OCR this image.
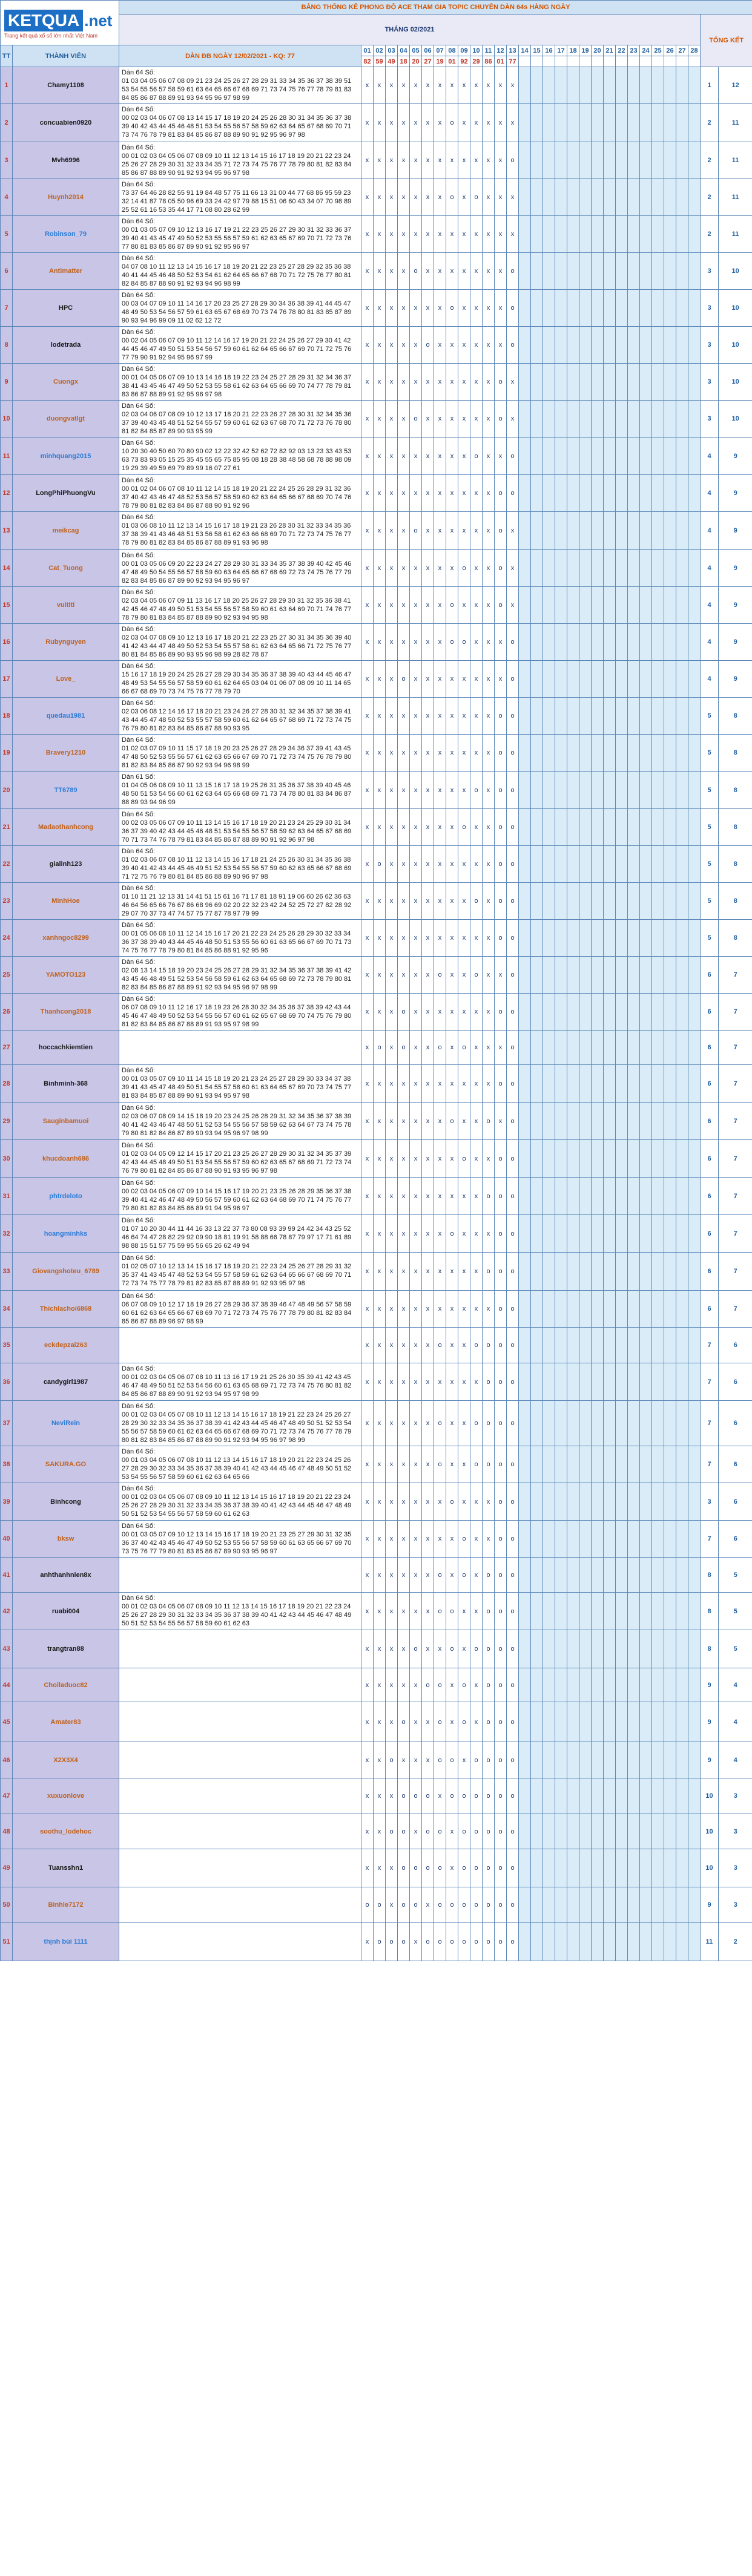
KETQUA .net
Trang kết quả xổ số lớn nhất Việt Nam		BẢNG THỐNG KÊ PHONG ĐỘ ACE THAM GIA TOPIC CHUYÊN DÀN 64s HÀNG NGÀY																														
		THÁNG 02/2021																													TỔNG KẾT	
TT	THÀNH VIÊN	DÀN ĐB NGÀY 12/02/2021 - KQ: 77	01	02	03	04	05	06	07	08	09	10	11	12	13	14	15	16	17	18	19	20	21	22	23	24	25	26	27	28		
			82	59	49	18	20	27	19	01	92	29	86	01	77																	
1	Chamy1108	Dàn 64 Số:
01 03 04 05 06 07 08 09 21 23 24 25 26 27 28 29 31 33 34 35 36 37 38 39 51 53 54 55 56 57 58 59 61 63 64 65 66 67 68 69 71 73 74 75 76 77 78 79 81 83 84 85 86 87 88 89 91 93 94 95 96 97 98 99	x	x	x	x	x	x	x	x	x	x	x	x	x																1	12
2	concuabien0920	Dàn 64 Số:
00 02 03 04 06 07 08 13 14 15 17 18 19 20 24 25 26 28 30 31 34 35 36 37 38 39 40 42 43 44 45 46 48 51 53 54 55 56 57 58 59 62 63 64 65 67 68 69 70 71 73 74 76 78 79 81 83 84 85 86 87 88 89 90 91 92 95 96 97 98	x	x	x	x	x	x	x	o	x	x	x	x	x																2	11
3	Mvh6996	Dàn 64 Số:
00 01 02 03 04 05 06 07 08 09 10 11 12 13 14 15 16 17 18 19 20 21 22 23 24 25 26 27 28 29 30 31 32 33 34 35 71 72 73 74 75 76 77 78 79 80 81 82 83 84 85 86 87 88 89 90 91 92 93 94 95 96 97 98	x	x	x	x	x	x	x	x	x	x	x	x	o																2	11
4	Huynh2014	Dàn 64 Số:
73 37 64 46 28 82 55 91 19 84 48 57 75 11 66 13 31 00 44 77 68 86 95 59 23 32 14 41 87 78 05 50 96 69 33 24 42 97 79 88 15 51 06 60 43 34 07 70 98 89 25 52 61 16 53 35 44 17 71 08 80 28 62 99	x	x	x	x	x	x	x	o	x	o	x	x	x																2	11
5	Robinson_79	Dàn 64 Số:
00 01 03 05 07 09 10 12 13 16 17 19 21 22 23 25 26 27 29 30 31 32 33 36 37 39 40 41 43 45 47 49 50 52 53 55 56 57 59 61 62 63 65 67 69 70 71 72 73 76 77 80 81 83 85 86 87 89 90 91 92 95 96 97	x	x	x	x	x	x	x	x	x	x	x	x	x																2	11
6	Antimatter	Dàn 64 Số:
04 07 08 10 11 12 13 14 15 16 17 18 19 20 21 22 23 25 27 28 29 32 35 36 38 40 41 44 45 46 48 50 52 53 54 61 62 64 65 66 67 68 70 71 72 75 76 77 80 81 82 84 85 87 88 90 91 92 93 94 96 98 99	x	x	x	x	o	x	x	x	x	x	x	x	o																3	10
7	HPC	Dàn 64 Số:
00 03 04 07 09 10 11 14 16 17 20 23 25 27 28 29 30 34 36 38 39 41 44 45 47 48 49 50 53 54 56 57 59 61 63 65 67 68 69 70 73 74 76 78 80 81 83 85 87 89 90 93 94 96 99 09 11 02 62 12 72	x	x	x	x	x	x	x	o	x	x	x	x	o																3	10
8	lodetrada	Dàn 64 Số:
00 02 04 05 06 07 09 10 11 12 14 16 17 19 20 21 22 24 25 26 27 29 30 41 42 44 45 46 47 49 50 51 53 54 56 57 59 60 61 62 64 65 66 67 69 70 71 72 75 76 77 79 90 91 92 94 95 96 97 99	x	x	x	x	x	o	x	x	x	x	x	x	o																3	10
9	Cuongx	Dàn 64 Số:
00 01 04 05 06 07 09 10 13 14 16 18 19 22 23 24 25 27 28 29 31 32 34 36 37 38 41 43 45 46 47 49 50 52 53 55 58 61 62 63 64 65 66 69 70 74 77 78 79 81 83 86 87 88 89 91 92 95 96 97 98	x	x	x	x	x	x	x	x	x	x	x	o	x																3	10
10	duongvatlgt	Dàn 64 Số:
02 03 04 06 07 08 09 10 12 13 17 18 20 21 22 23 26 27 28 30 31 32 34 35 36 37 39 40 43 45 48 51 52 54 55 57 59 60 61 62 63 67 68 70 71 72 73 76 78 80 81 82 84 85 87 89 90 93 95 99	x	x	x	x	o	x	x	x	x	x	x	o	x																3	10
11	minhquang2015	Dàn 64 Số:
10 20 30 40 50 60 70 80 90 02 12 22 32 42 52 62 72 82 92 03 13 23 33 43 53 63 73 83 93 05 15 25 35 45 55 65 75 85 95 08 18 28 38 48 58 68 78 88 98 09 19 29 39 49 59 69 79 89 99 16 07 27 61	x	x	x	x	x	x	x	x	x	o	x	x	o																4	9
12	LongPhiPhuongVu	Dàn 64 Số:
00 01 02 04 06 07 08 10 11 12 14 15 18 19 20 21 22 24 25 26 28 29 31 32 36 37 40 42 43 46 47 48 52 53 56 57 58 59 60 62 63 64 65 66 67 68 69 70 74 76 78 79 80 81 82 83 84 86 87 88 90 91 92 96	x	x	x	x	x	x	x	x	x	x	x	o	o																4	9
13	meikcag	Dàn 64 Số:
01 03 06 08 10 11 12 13 14 15 16 17 18 19 21 23 26 28 30 31 32 33 34 35 36 37 38 39 41 43 46 48 51 53 56 58 61 62 63 66 68 69 70 71 72 73 74 75 76 77 78 79 80 81 82 83 84 85 86 87 88 89 91 93 96 98	x	x	x	x	o	x	x	x	x	x	x	o	x																4	9
14	Cat_Tuong	Dàn 64 Số:
00 01 03 05 06 09 20 22 23 24 27 28 29 30 31 33 34 35 37 38 39 40 42 45 46 47 48 49 50 54 55 56 57 58 59 60 63 64 65 66 67 68 69 72 73 74 75 76 77 79 82 83 84 85 86 87 89 90 92 93 94 95 96 97	x	x	x	x	x	x	x	x	o	x	x	o	x																4	9
15	vuititi	Dàn 64 Số:
02 03 04 05 06 07 09 11 13 16 17 18 20 25 26 27 28 29 30 31 32 35 36 38 41 42 45 46 47 48 49 50 51 53 54 55 56 57 58 59 60 61 63 64 69 70 71 74 76 77 78 79 80 81 83 84 85 87 88 89 90 92 93 94 95 98	x	x	x	x	x	x	x	o	x	x	x	o	x																4	9
16	Rubynguyen	Dàn 64 Số:
02 03 04 07 08 09 10 12 13 16 17 18 20 21 22 23 25 27 30 31 34 35 36 39 40 41 42 43 44 47 48 49 50 52 53 54 55 57 58 61 62 63 64 65 66 71 72 75 76 77 80 81 84 85 86 89 90 93 95 96 98 99 28 82 78 87	x	x	x	x	x	x	x	o	o	x	x	x	o																4	9
17	Love_	Dàn 64 Số:
15 16 17 18 19 20 24 25 26 27 28 29 30 34 35 36 37 38 39 40 43 44 45 46 47 48 49 53 54 55 56 57 58 59 60 61 62 64 65 03 04 01 06 07 08 09 10 11 14 65 66 67 68 69 70 73 74 75 76 77 78 79 70	x	x	x	o	x	x	x	x	x	x	x	x	o																4	9
18	quedau1981	Dàn 64 Số:
02 03 06 08 12 14 16 17 18 20 21 23 24 26 27 28 30 31 32 34 35 37 38 39 41 43 44 45 47 48 50 52 53 55 57 58 59 60 61 62 64 65 67 68 69 71 72 73 74 75 76 79 80 81 82 83 84 85 86 87 88 90 93 95	x	x	x	x	x	x	x	x	x	x	x	o	o																5	8
19	Bravery1210	Dàn 64 Số:
01 02 03 07 09 10 11 15 17 18 19 20 23 25 26 27 28 29 34 36 37 39 41 43 45 47 48 50 52 53 55 56 57 61 62 63 65 66 67 69 70 71 72 73 74 75 76 78 79 80 81 82 83 84 85 86 87 90 92 93 94 96 98 99	x	x	x	x	x	x	x	x	x	x	x	o	o																5	8
20	TT6789	Dàn 61 Số:
01 04 05 06 08 09 10 11 13 15 16 17 18 19 25 26 31 35 36 37 38 39 40 45 46 48 50 51 53 54 56 60 61 62 63 64 65 66 68 69 71 73 74 78 80 81 83 84 86 87 88 89 93 94 96 99	x	x	x	x	x	x	x	x	x	o	x	o	o																5	8
21	Madaothanhcong	Dàn 64 Số:
00 02 03 05 06 07 09 10 11 13 14 15 16 17 18 19 20 21 23 24 25 29 30 31 34 36 37 39 40 42 43 44 45 46 48 51 53 54 55 56 57 58 59 62 63 64 65 67 68 69 70 71 73 74 76 78 79 81 83 84 85 86 87 88 89 90 91 92 96 97 98	x	x	x	x	x	x	x	x	o	x	x	o	o																5	8
22	gialinh123	Dàn 64 Số:
01 02 03 06 07 08 10 11 12 13 14 15 16 17 18 21 24 25 26 30 31 34 35 36 38 39 40 41 42 43 44 45 46 49 51 52 53 54 55 56 57 59 60 62 63 65 66 67 68 69 71 72 75 76 79 80 81 84 85 86 88 89 90 96 97 98	x	o	x	x	x	x	x	x	x	x	x	o	o																5	8
23	MinhHoe	Dàn 64 Số:
01 10 11 21 12 13 31 14 41 51 15 61 16 71 17 81 18 91 19 06 60 26 62 36 63 46 64 56 65 66 76 67 86 68 96 69 02 20 22 32 23 42 24 52 25 72 27 82 28 92 29 07 70 37 73 47 74 57 75 77 87 78 97 79 99	x	x	x	x	x	x	x	x	x	o	x	o	o																5	8
24	xanhngoc8299	Dàn 64 Số:
00 01 05 06 08 10 11 12 14 15 16 17 20 21 22 23 24 25 26 28 29 30 32 33 34 36 37 38 39 40 43 44 45 46 48 50 51 53 55 56 60 61 63 65 66 67 69 70 71 73 74 75 76 77 78 79 80 81 84 85 86 88 91 92 95 96	x	x	x	x	x	x	x	x	x	x	x	o	o																5	8
25	YAMOTO123	Dàn 64 Số:
02 08 13 14 15 18 19 20 23 24 25 26 27 28 29 31 32 34 35 36 37 38 39 41 42 43 45 46 48 49 51 52 53 54 56 58 59 61 62 63 64 65 68 69 72 73 78 79 80 81 82 83 84 85 86 87 88 89 91 92 93 94 95 96 97 98 99	x	x	x	x	x	x	o	x	x	o	x	x	o																6	7
26	Thanhcong2018	Dàn 64 Số:
06 07 08 09 10 11 12 16 17 18 19 23 26 28 30 32 34 35 36 37 38 39 42 43 44 45 46 47 48 49 50 52 53 54 55 56 57 60 61 62 65 67 68 69 70 74 75 76 79 80 81 82 83 84 85 86 87 88 89 91 93 95 97 98 99	x	x	x	o	x	x	x	x	x	x	x	o	o																6	7
27	hoccachkiemtien		x	o	x	o	x	x	o	x	o	x	x	x	o																6	7
28	Binhminh-368	Dàn 64 Số:
00 01 03 05 07 09 10 11 14 15 18 19 20 21 23 24 25 27 28 29 30 33 34 37 38 39 41 43 45 47 48 49 50 51 54 55 57 58 60 61 63 64 65 67 69 70 73 74 75 77 81 83 84 85 87 88 89 90 91 93 94 95 97 98	x	x	x	x	x	x	x	x	x	x	x	o	o																6	7
29	Sauginbamuoi	Dàn 64 Số:
02 03 06 07 08 09 14 15 18 19 20 23 24 25 26 28 29 31 32 34 35 36 37 38 39 40 41 42 43 46 47 48 50 51 52 53 54 55 56 57 58 59 62 63 64 67 73 74 75 78 79 80 81 82 84 86 87 89 90 93 94 95 96 97 98 99	x	x	x	x	x	x	x	o	x	x	o	x	o																6	7
30	khucdoanh686	Dàn 64 Số:
01 02 03 04 05 09 12 14 15 17 20 21 23 25 26 27 28 29 30 31 32 34 35 37 39 42 43 44 45 48 49 50 51 53 54 55 56 57 59 60 62 63 65 67 68 69 71 72 73 74 76 79 80 81 82 84 85 86 87 88 90 91 93 95 96 97 98	x	x	x	x	x	x	x	x	o	x	x	o	o																6	7
31	phtrdeloto	Dàn 64 Số:
00 02 03 04 05 06 07 09 10 14 15 16 17 19 20 21 23 25 26 28 29 35 36 37 38 39 40 41 42 46 47 48 49 50 56 57 59 60 61 62 63 64 68 69 70 71 74 75 76 77 79 80 81 82 83 84 85 86 89 91 94 95 96 97	x	x	x	x	x	x	x	x	x	x	o	o	o																6	7
32	hoangminhks	Dàn 64 Số:
01 07 10 20 30 44 11 44 16 33 13 22 37 73 80 08 93 39 99 24 42 34 43 25 52 46 64 74 47 28 82 29 92 09 90 18 81 19 91 58 88 66 78 87 79 97 17 71 61 89 98 88 15 51 57 75 59 95 56 65 26 62 49 94	x	x	x	x	x	x	x	o	x	x	x	o	o																6	7
33	Giovangshoteu_6789	Dàn 64 Số:
01 02 05 07 10 12 13 14 15 16 17 18 19 20 21 22 23 24 25 26 27 28 29 31 32 35 37 41 43 45 47 48 52 53 54 55 57 58 59 61 62 63 64 65 66 67 68 69 70 71 72 73 74 75 77 78 79 81 82 83 85 87 88 89 91 92 93 95 97 98	x	x	x	x	x	x	x	x	x	x	o	o	o																6	7
34	Thichlachoi6868	Dàn 64 Số:
06 07 08 09 10 12 17 18 19 26 27 28 29 36 37 38 39 46 47 48 49 56 57 58 59 60 61 62 63 64 65 66 67 68 69 70 71 72 73 74 75 76 77 78 79 80 81 82 83 84 85 86 87 88 89 96 97 98 99	x	x	x	x	x	x	x	x	x	x	x	o	o																6	7
35	eckdepzai263		x	x	x	x	x	x	o	x	x	o	o	o	o																7	6
36	candygirl1987	Dàn 64 Số:
00 01 02 03 04 05 06 07 08 10 11 13 16 17 19 21 25 26 30 35 39 41 42 43 45 46 47 48 49 50 51 52 53 54 56 60 61 63 65 68 69 71 72 73 74 75 76 80 81 82 84 85 86 87 88 89 90 91 92 93 94 95 97 98 99	x	x	x	x	x	x	x	x	x	x	o	o	o																7	6
37	NeviRein	Dàn 64 Số:
00 01 02 03 04 05 07 08 10 11 12 13 14 15 16 17 18 19 21 22 23 24 25 26 27 28 29 30 32 33 34 35 36 37 38 39 41 42 43 44 45 46 47 48 49 50 51 52 53 54 55 56 57 58 59 60 61 62 63 64 65 66 67 68 69 70 71 72 73 74 75 76 77 78 79 80 81 82 83 84 85 86 87 88 89 90 91 92 93 94 95 96 97 98 99	x	x	x	x	x	x	o	x	x	o	o	o	o																7	6
38	SAKURA.GO	Dàn 64 Số:
00 01 03 04 05 06 07 08 10 11 12 13 14 15 16 17 18 19 20 21 22 23 24 25 26 27 28 29 30 32 33 34 35 36 37 38 39 40 41 42 43 44 45 46 47 48 49 50 51 52 53 54 55 56 57 58 59 60 61 62 63 64 65 66	x	x	x	x	x	x	o	x	x	o	o	o	o																7	6
39	Binhcong	Dàn 64 Số:
00 01 02 03 04 05 06 07 08 09 10 11 12 13 14 15 16 17 18 19 20 21 22 23 24 25 26 27 28 29 30 31 32 33 34 35 36 37 38 39 40 41 42 43 44 45 46 47 48 49 50 51 52 53 54 55 56 57 58 59 60 61 62 63	x	x	x	x	x	x	x	o	x	x	x	o	o																3	6
40	bksw	Dàn 64 Số:
00 01 03 05 07 09 10 12 13 14 15 16 17 18 19 20 21 23 25 27 29 30 31 32 35 36 37 40 42 43 45 46 47 49 50 52 53 55 56 57 58 59 60 61 63 65 66 67 69 70 73 75 76 77 79 80 81 83 85 86 87 89 90 93 95 96 97	x	x	x	x	x	x	x	x	o	x	x	o	o																7	6
41	anhthanhnien8x		x	x	x	x	x	x	o	x	o	x	o	o	o																8	5
42	ruabi004	Dàn 64 Số:
00 01 02 03 04 05 06 07 08 09 10 11 12 13 14 15 16 17 18 19 20 21 22 23 24 25 26 27 28 29 30 31 32 33 34 35 36 37 38 39 40 41 42 43 44 45 46 47 48 49 50 51 52 53 54 55 56 57 58 59 60 61 62 63	x	x	x	x	x	x	o	o	x	x	o	o	o																8	5
43	trangtran88		x	x	x	x	o	x	x	o	x	o	o	o	o																8	5
44	Choiladuoc82		x	x	x	x	x	o	o	x	o	x	o	o	o																9	4
45	Amater83		x	x	x	o	x	x	o	x	o	x	o	o	o																9	4
46	X2X3X4		x	x	o	x	x	x	o	o	x	o	o	o	o																9	4
47	xuxuonlove		x	x	x	o	o	o	x	o	o	o	o	o	o																10	3
48	soothu_lodehoc		x	x	o	o	x	o	o	x	o	o	o	o	o																10	3
49	Tuansshn1		x	x	x	o	o	o	o	x	o	o	o	o	o																10	3
50	Binhle7172		o	o	x	o	o	x	o	o	o	o	o	o	o																9	3
51	thịnh bùi 1111		x	o	o	o	x	o	o	o	o	o	o	o	o																11	2
